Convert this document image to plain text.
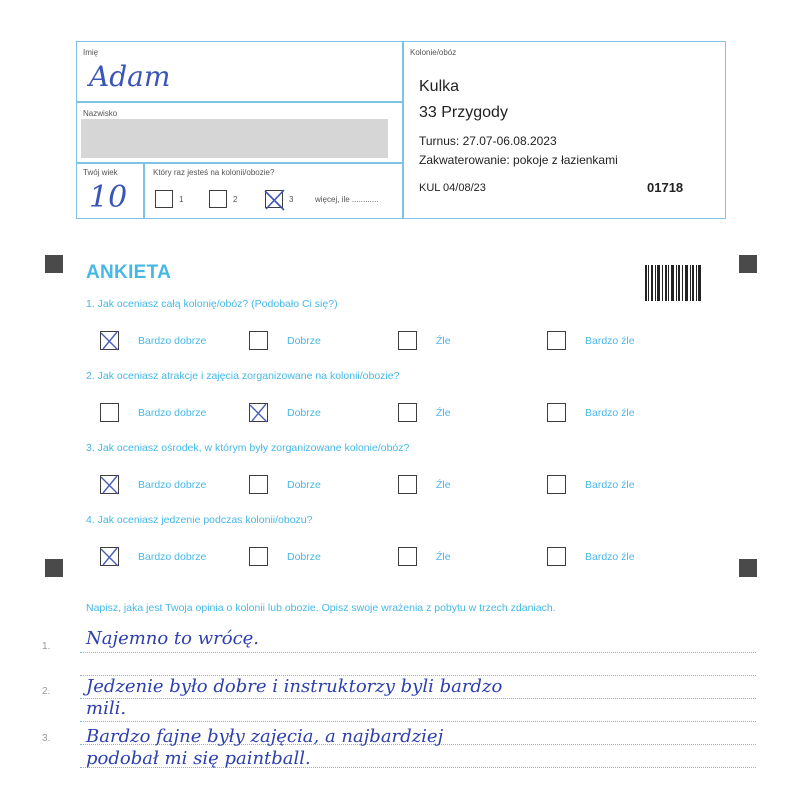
Imię
Adam
Nazwisko
Twój wiek
10
Który raz jesteś na kolonii/obozie?
1	2	3	więcej, ile ............
Kolonie/obóz
Kulka
33 Przygody
Turnus: 27.07-06.08.2023
Zakwaterowanie: pokoje z łazienkami
KUL 04/08/23	01718
ANKIETA
1. Jak oceniasz całą kolonię/obóz? (Podobało Ci się?)
Bardzo dobrze	Dobrze	Źle	Bardzo źle
2. Jak oceniasz atrakcje i zajęcia zorganizowane na kolonii/obozie?
Bardzo dobrze	Dobrze	Źle	Bardzo źle
3. Jak oceniasz ośrodek, w którym były zorganizowane kolonie/obóz?
Bardzo dobrze	Dobrze	Źle	Bardzo źle
4. Jak oceniasz jedzenie podczas kolonii/obozu?
Bardzo dobrze	Dobrze	Źle	Bardzo źle
Napisz, jaka jest Twoja opinia o kolonii lub obozie. Opisz swoje wrażenia z pobytu w trzech zdaniach.
1.
2.
3.
Najemno to wrócę.
Jedzenie było dobre i instruktorzy byli bardzo
mili.
Bardzo fajne były zajęcia, a najbardziej
podobał mi się paintball.
